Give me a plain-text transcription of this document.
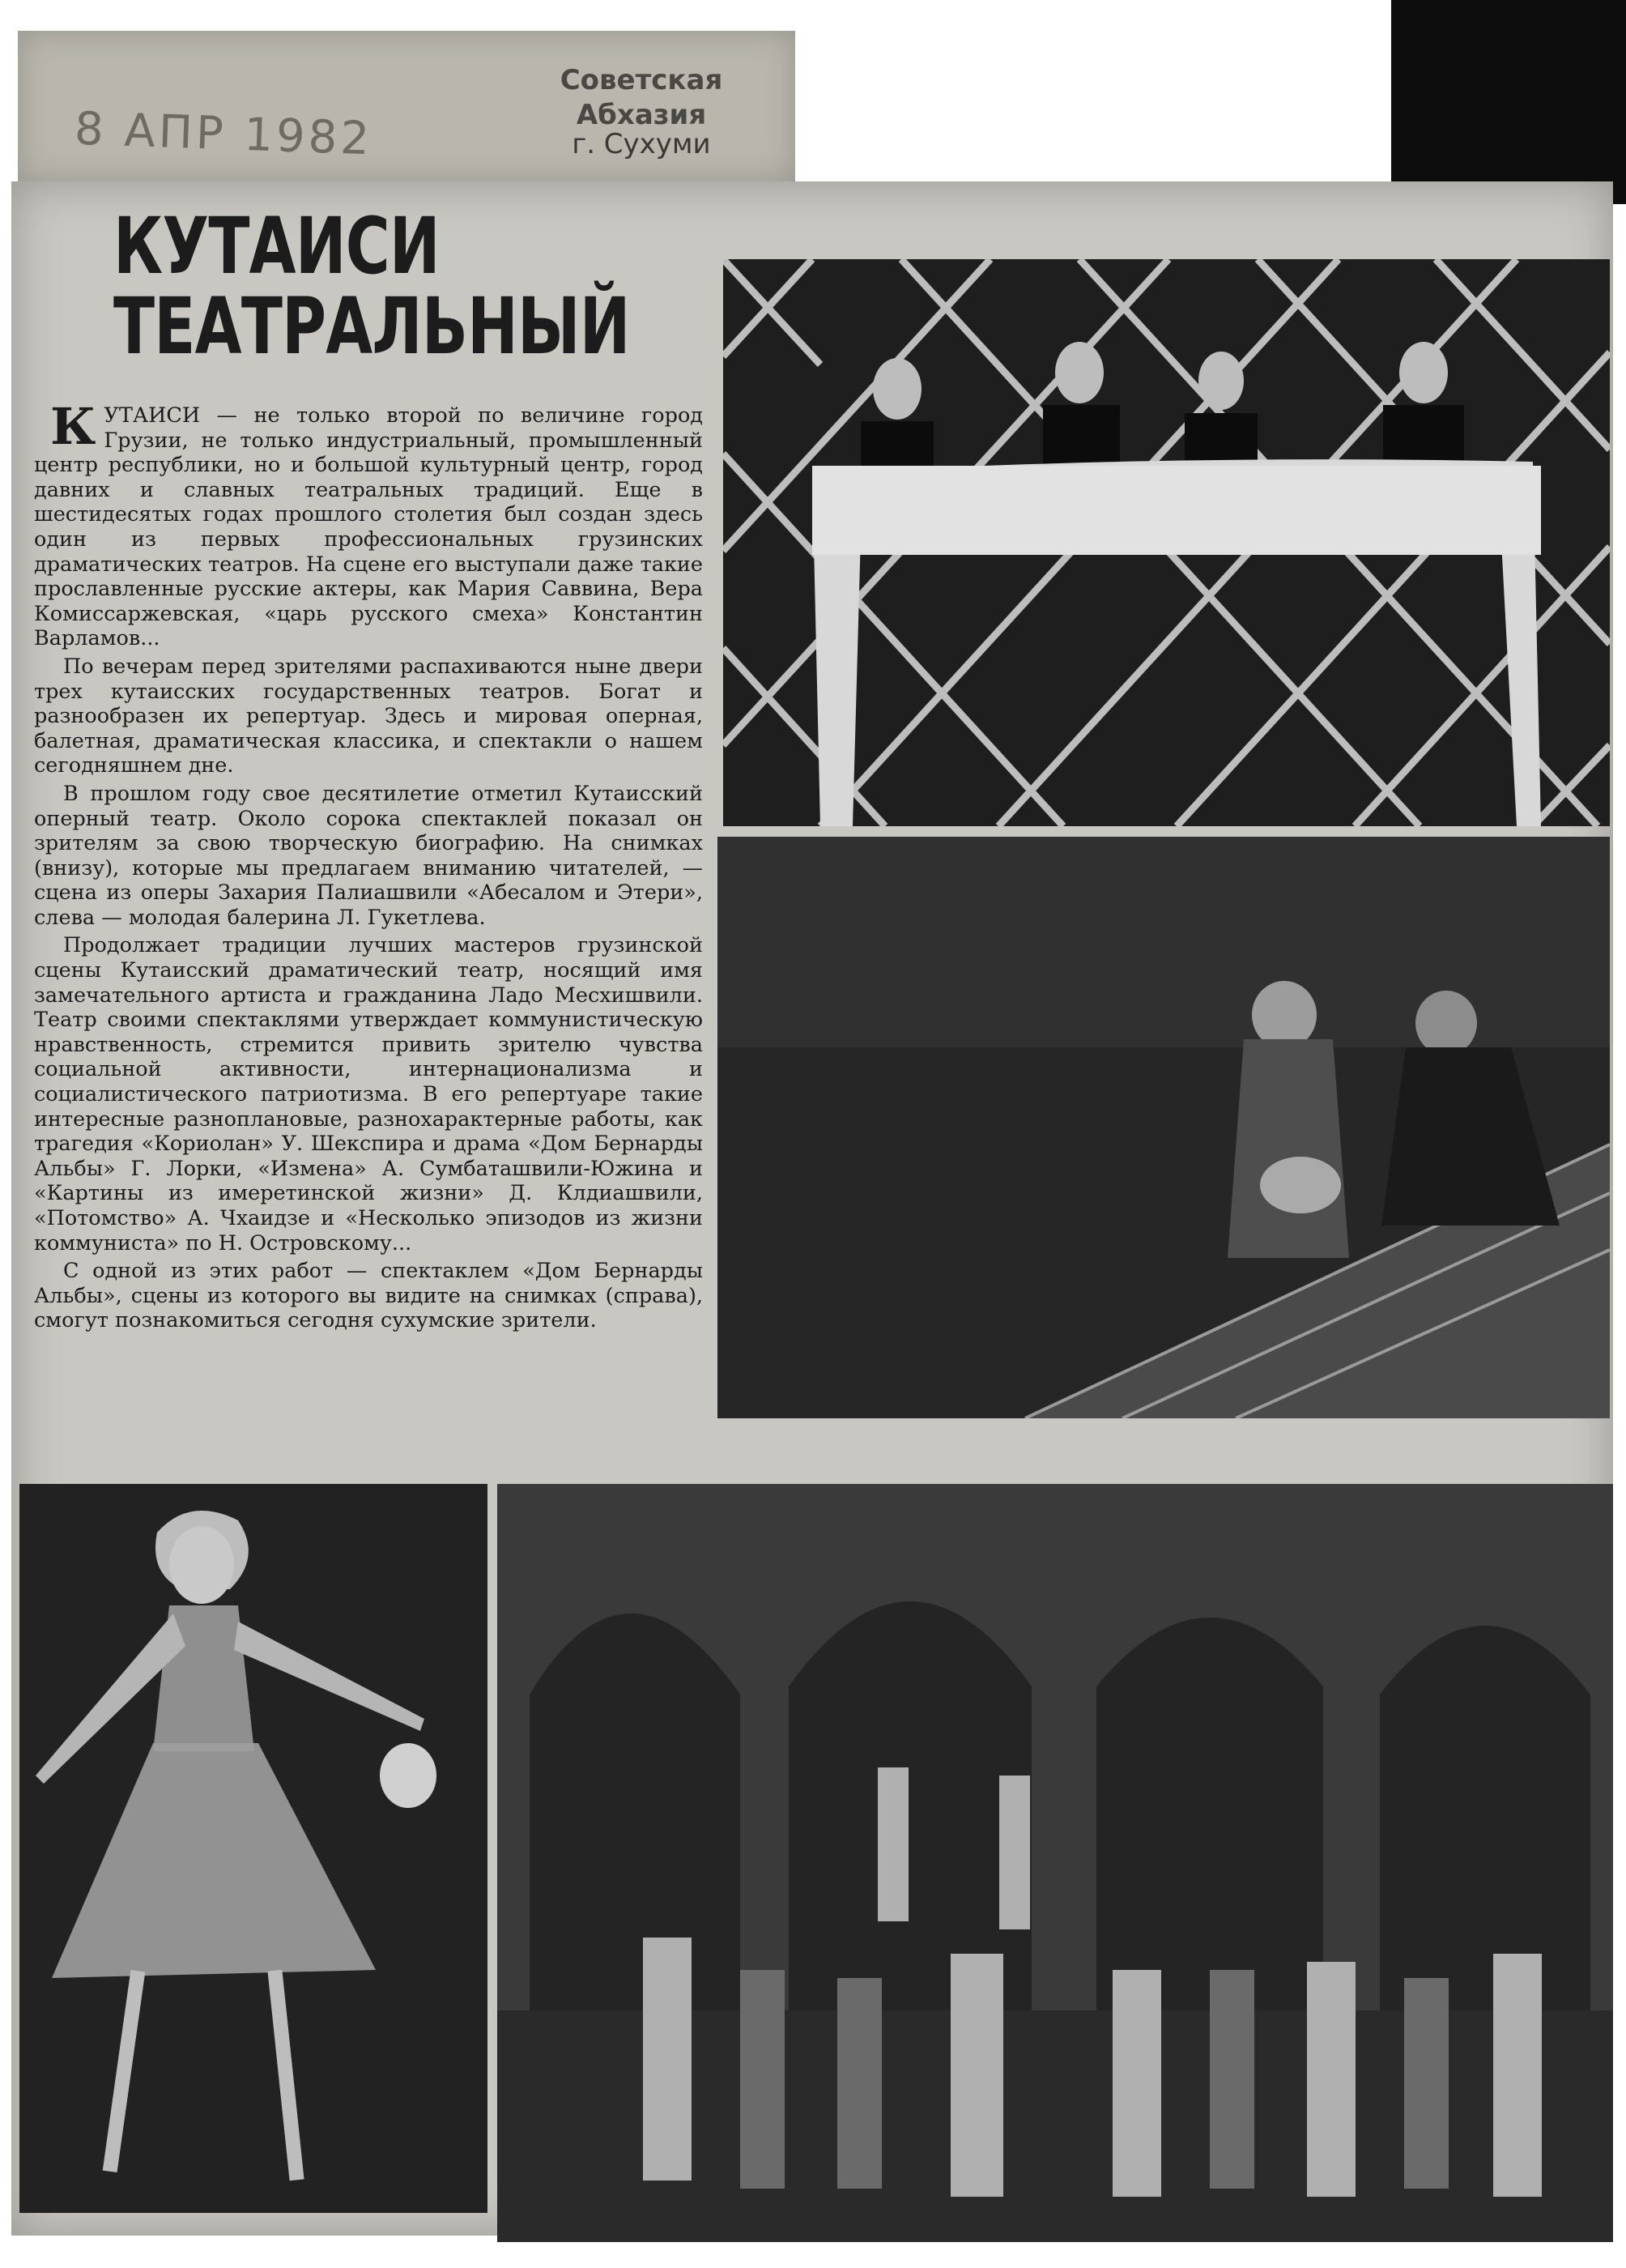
8 АПР 1982
Советская Абхазия
г. Сухуми
КУТАИСИ
ТЕАТРАЛЬНЫЙ

КУТАИСИ — не только второй по величине город Грузии, не только индустриальный, промышленный центр республики, но и большой культурный центр, город давних и славных театральных традиций. Еще в шестидесятых годах прошлого столетия был создан здесь один из первых профессиональных грузинских драматических театров. На сцене его выступали даже такие прославленные русские актеры, как Мария Саввина, Вера Комиссаржевская, «царь русского смеха» Константин Варламов...

По вечерам перед зрителями распахиваются ныне двери трех кутаисских государственных театров. Богат и разнообразен их репертуар. Здесь и мировая оперная, балетная, драматическая классика, и спектакли о нашем сегодняшнем дне.

В прошлом году свое десятилетие отметил Кутаисский оперный театр. Около сорока спектаклей показал он зрителям за свою творческую биографию. На снимках (внизу), которые мы предлагаем вниманию читателей, — сцена из оперы Захария Палиашвили «Абесалом и Этери», слева — молодая балерина Л. Гукетлева.

Продолжает традиции лучших мастеров грузинской сцены Кутаисский драматический театр, носящий имя замечательного артиста и гражданина Ладо Месхишвили. Театр своими спектаклями утверждает коммунистическую нравственность, стремится привить зрителю чувства социальной активности, интернационализма и социалистического патриотизма. В его репертуаре такие интересные разноплановые, разнохарактерные работы, как трагедия «Кориолан» У. Шекспира и драма «Дом Бернарды Альбы» Г. Лорки, «Измена» А. Сумбаташвили-Южина и «Картины из имеретинской жизни» Д. Клдиашвили, «Потомство» А. Чхаидзе и «Несколько эпизодов из жизни коммуниста» по Н. Островскому...

С одной из этих работ — спектаклем «Дом Бернарды Альбы», сцены из которого вы видите на снимках (справа), смогут познакомиться сегодня сухумские зрители.
